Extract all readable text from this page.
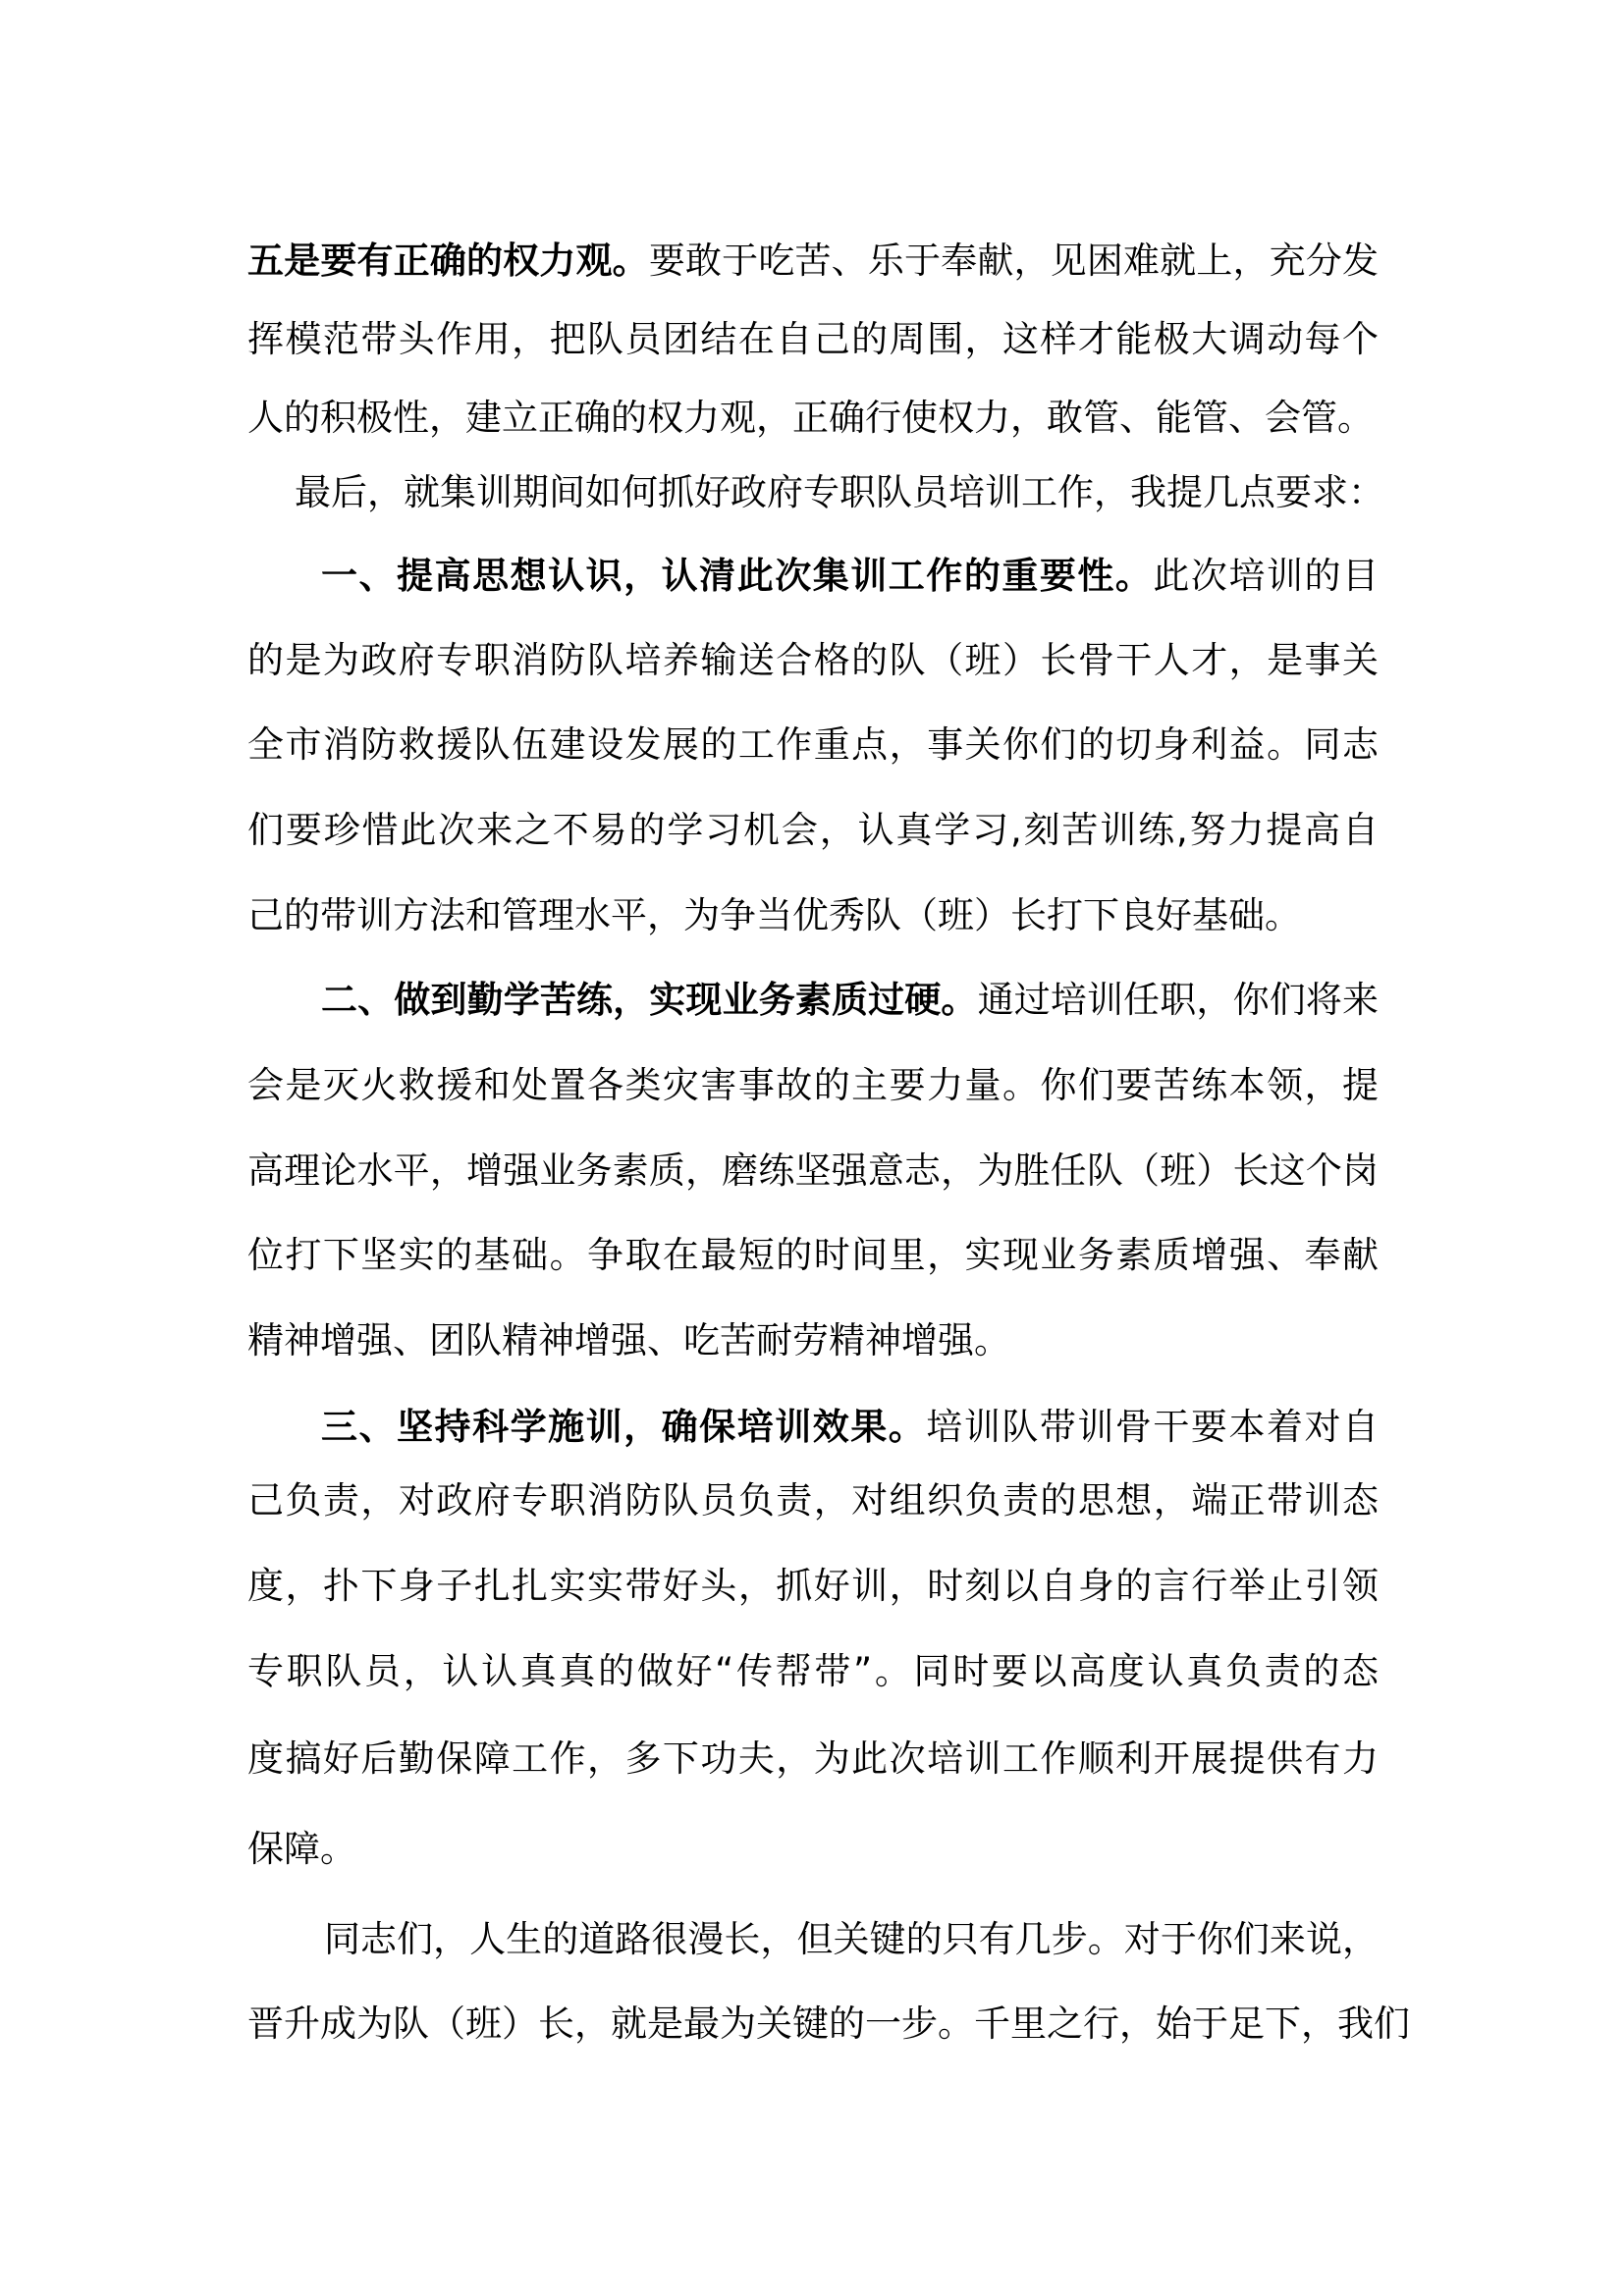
五是要有正确的权力观。要敢于吃苦、乐于奉献，见困难就上，充分发
挥模范带头作用，把队员团结在自己的周围，这样才能极大调动每个
人的积极性，建立正确的权力观，正确行使权力，敢管、能管、会管。
最后，就集训期间如何抓好政府专职队员培训工作，我提几点要求：
一、提高思想认识，认清此次集训工作的重要性。此次培训的目
的是为政府专职消防队培养输送合格的队（班）长骨干人才，是事关
全市消防救援队伍建设发展的工作重点，事关你们的切身利益。同志
们要珍惜此次来之不易的学习机会，认真学习,刻苦训练,努力提高自
己的带训方法和管理水平，为争当优秀队（班）长打下良好基础。
二、做到勤学苦练，实现业务素质过硬。通过培训任职，你们将来
会是灭火救援和处置各类灾害事故的主要力量。你们要苦练本领，提
高理论水平，增强业务素质，磨练坚强意志，为胜任队（班）长这个岗
位打下坚实的基础。争取在最短的时间里，实现业务素质增强、奉献
精神增强、团队精神增强、吃苦耐劳精神增强。
三、坚持科学施训，确保培训效果。培训队带训骨干要本着对自
己负责，对政府专职消防队员负责，对组织负责的思想，端正带训态
度，扑下身子扎扎实实带好头，抓好训，时刻以自身的言行举止引领
专职队员，认认真真的做好“传帮带”。同时要以高度认真负责的态
度搞好后勤保障工作，多下功夫，为此次培训工作顺利开展提供有力
保障。
同志们，人生的道路很漫长，但关键的只有几步。对于你们来说，
晋升成为队（班）长，就是最为关键的一步。千里之行，始于足下，我们
